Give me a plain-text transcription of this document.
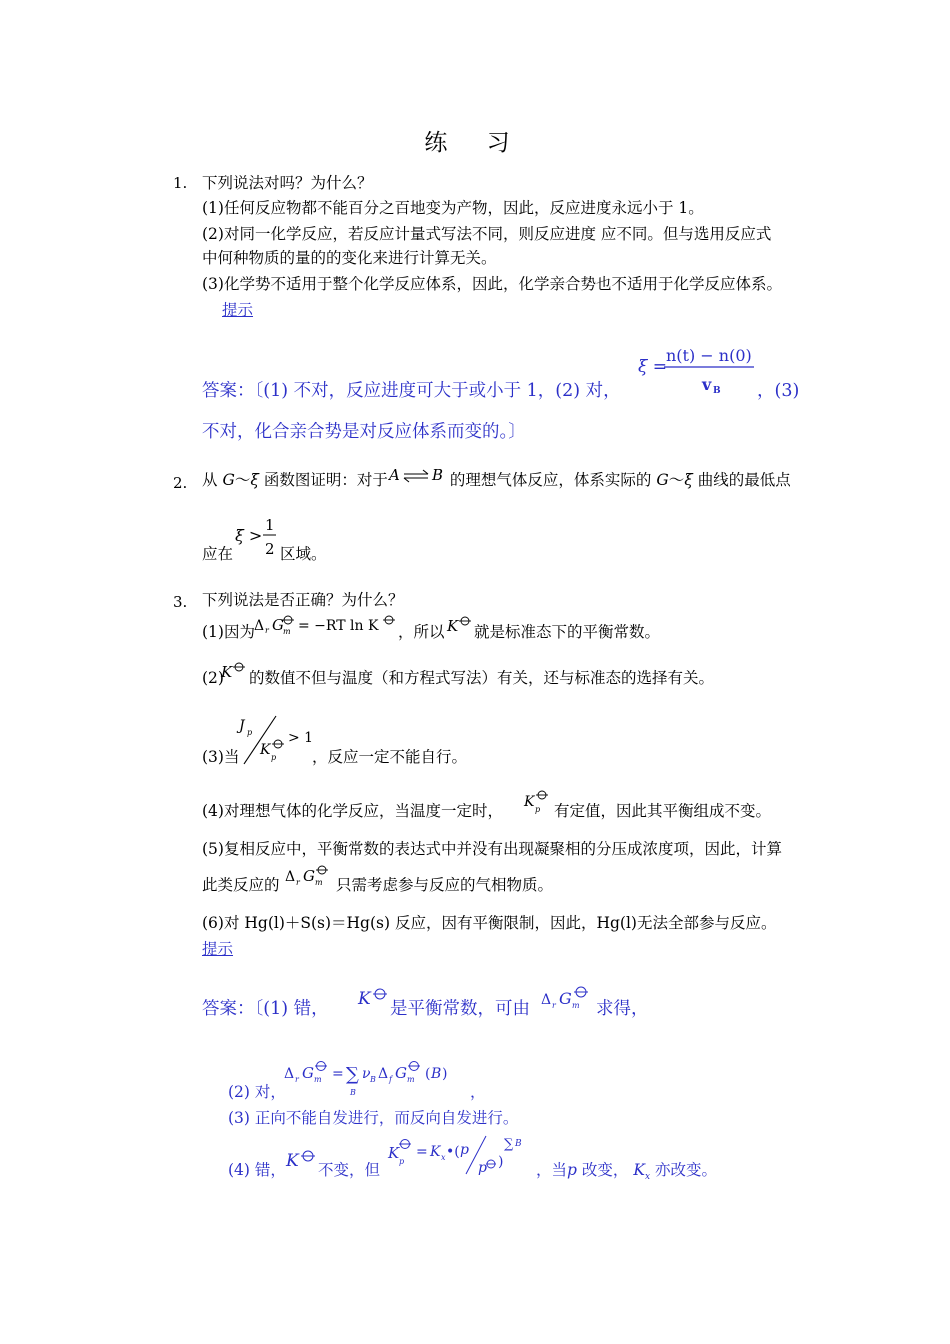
练 习
1. 下列说法对吗？为什么？
(1)任何反应物都不能百分之百地变为产物，因此，反应进度永远小于 1。
(2)对同一化学反应，若反应计量式写法不同，则反应进度 应不同。但与选用反应式
中何种物质的量的的变化来进行计算无关。
(3)化学势不适用于整个化学反应体系，因此，化学亲合势也不适用于化学反应体系。
提示
答案：〔(1) 不对，反应进度可大于或小于 1，(2) 对，
ξ =
n(t) − n(0)
v B ，(3)
不对，化合亲合势是对反应体系而变的。〕
2. 从 G～ξ 函数图证明：对于 A B 的理想气体反应，体系实际的 G～ξ 曲线的最低点
应在
ξ >
1
2 区域。
3. 下列说法是否正确？为什么？
(1)因为 Δ r G m = −RT ln K ，所以 K 就是标准态下的平衡常数。
(2)
K 的数值不但与温度（和方程式写法）有关，还与标准态的选择有关。
(3)当
J p
K p
> 1
，反应一定不能自行。
(4)对理想气体的化学反应，当温度一定时， K p 有定值，因此其平衡组成不变。
(5)复相反应中，平衡常数的表达式中并没有出现凝聚相的分压成浓度项，因此，计算
此类反应的 Δ r G m 只需考虑参与反应的气相物质。
(6)对 Hg(l)＋S(s)＝Hg(s) 反应，因有平衡限制，因此，Hg(l)无法全部参与反应。
提示
答案：〔(1) 错， K 是平衡常数，可由 Δ r G m 求得，
(2) 对，
Δ r G m = ∑
B
ν B Δ f G m ( B )
，
(3) 正向不能自发进行，而反向自发进行。
(4) 错， K 不变，但
K p
= K x •( p
p )
∑ B
，当p 改变， $K_x$ 亦改变。
